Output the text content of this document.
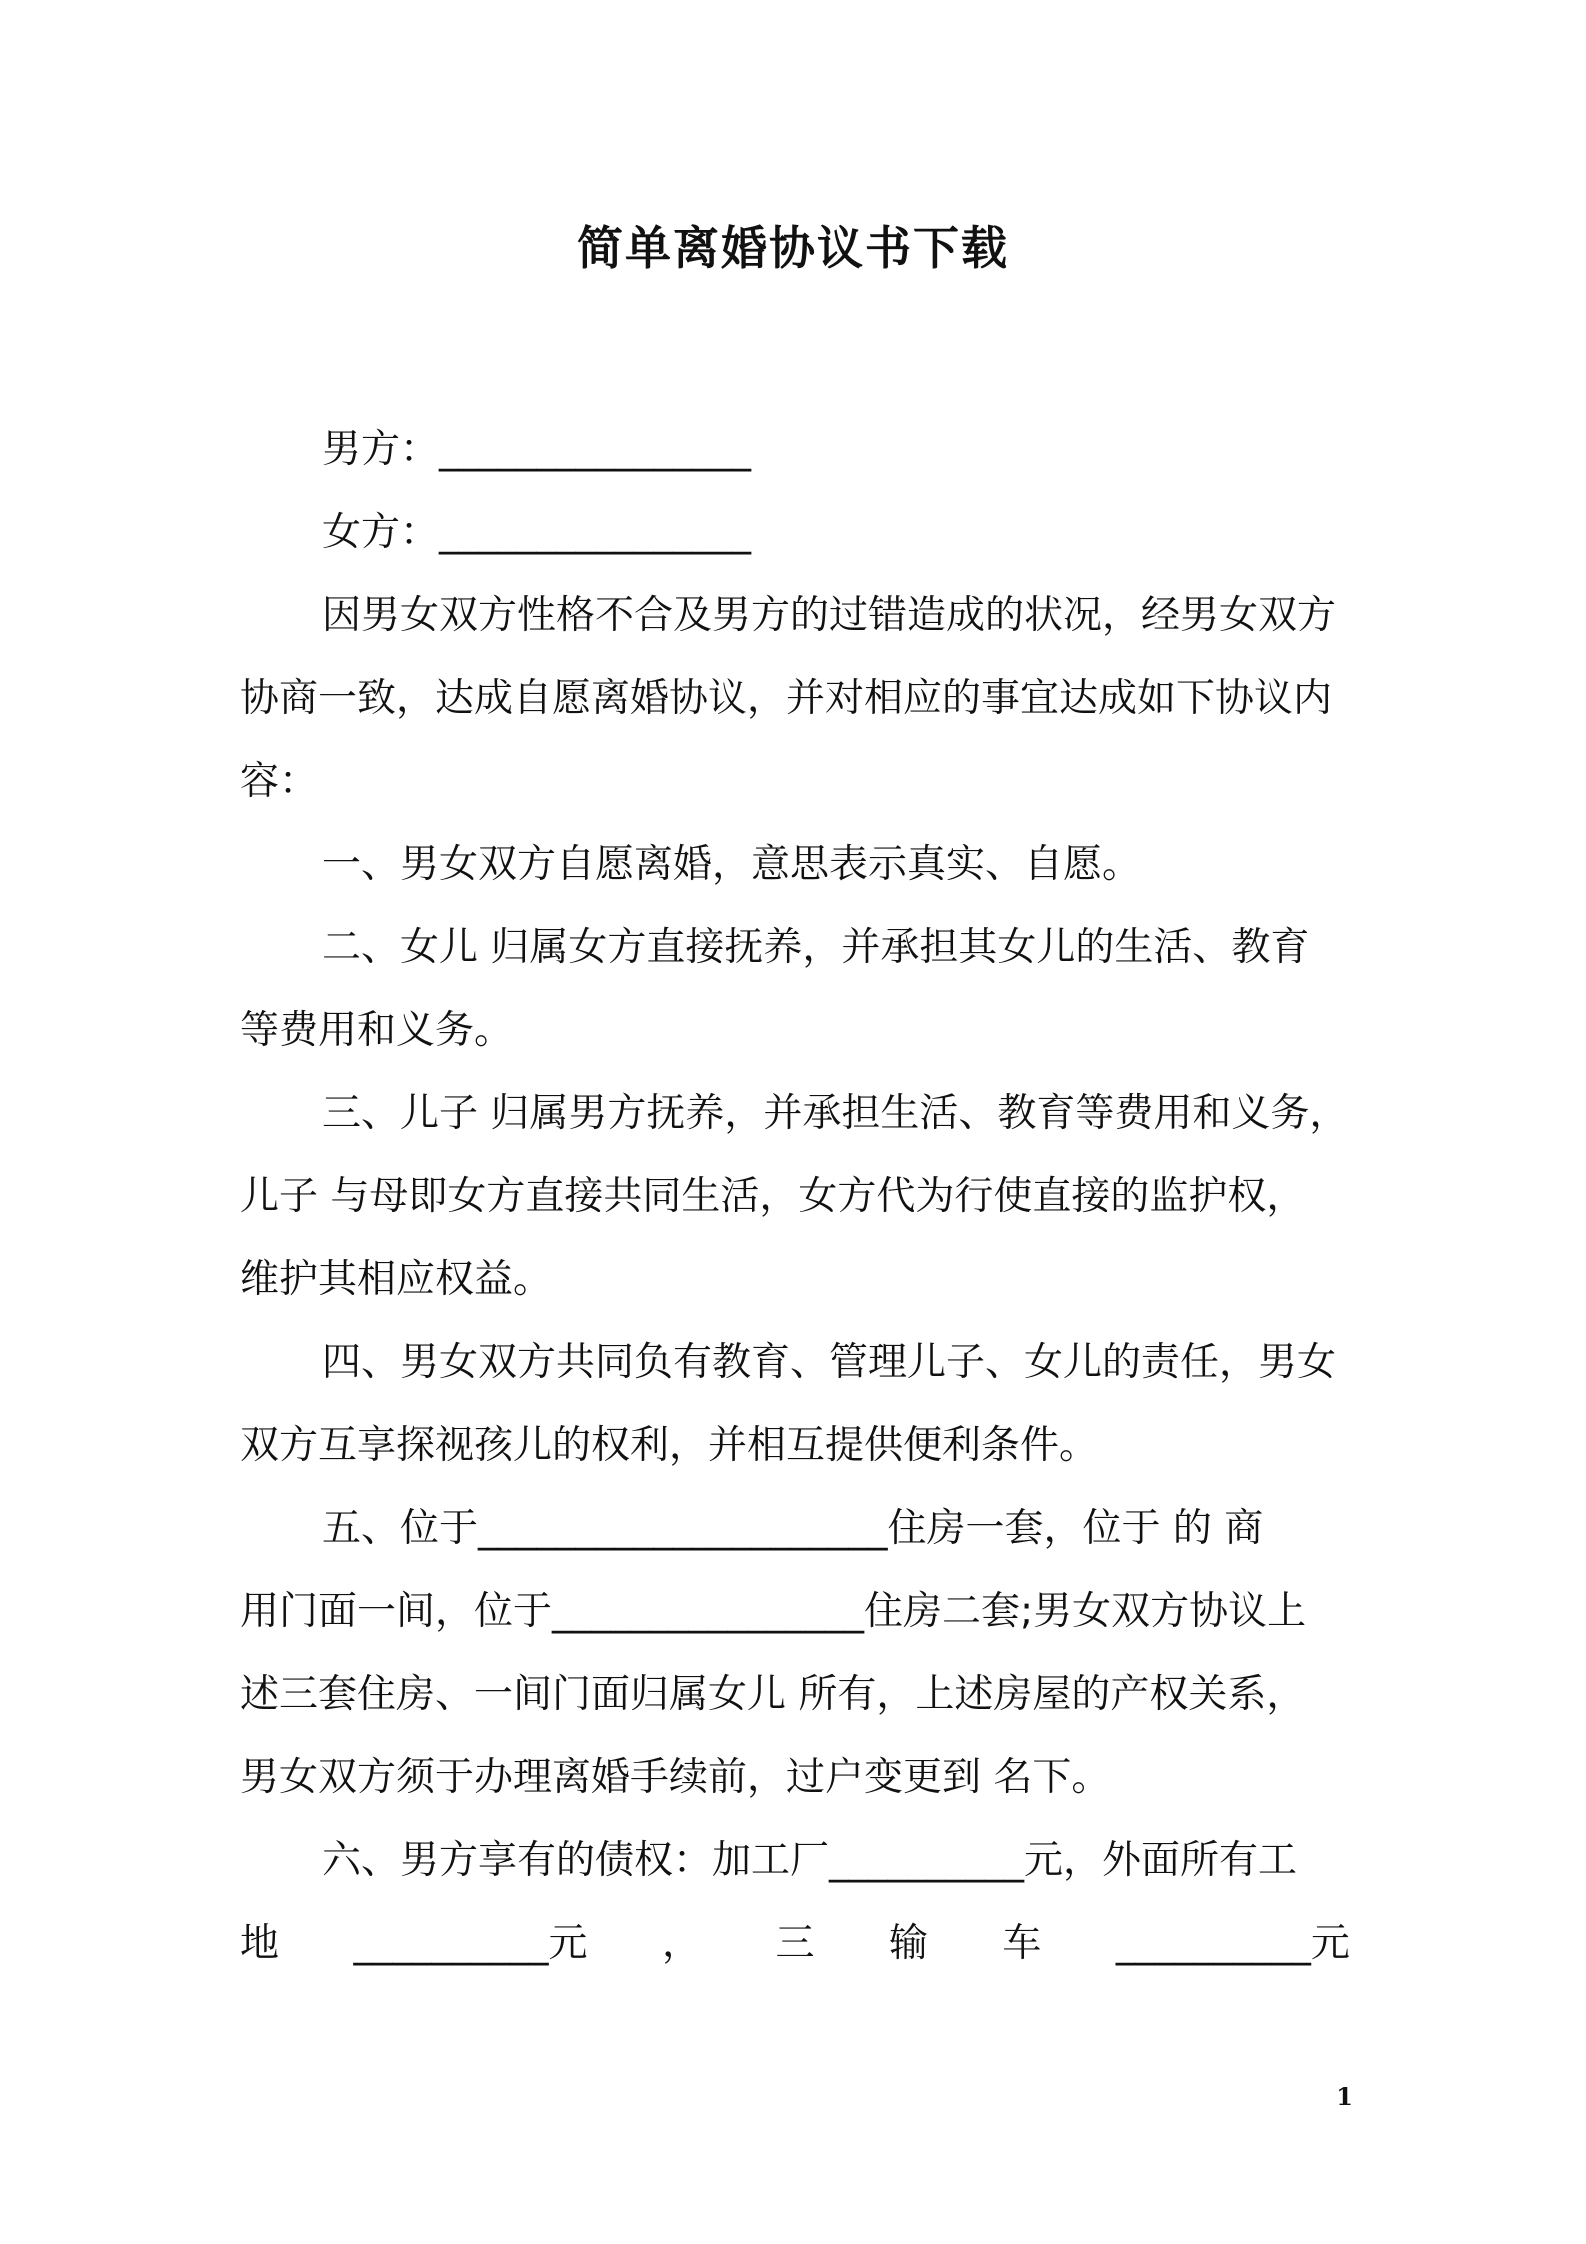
简单离婚协议书下载
男方：________________
女方：________________
因男女双方性格不合及男方的过错造成的状况，经男女双方
协商一致，达成自愿离婚协议，并对相应的事宜达成如下协议内
容：
一、男女双方自愿离婚，意思表示真实、自愿。
二、女儿 归属女方直接抚养，并承担其女儿的生活、教育
等费用和义务。
三、儿子 归属男方抚养，并承担生活、教育等费用和义务，
儿子 与母即女方直接共同生活，女方代为行使直接的监护权，
维护其相应权益。
四、男女双方共同负有教育、管理儿子、女儿的责任，男女
双方互享探视孩儿的权利，并相互提供便利条件。
五、位于_____________________住房一套，位于 的 商
用门面一间，位于________________住房二套;男女双方协议上
述三套住房、一间门面归属女儿 所有，上述房屋的产权关系，
男女双方须于办理离婚手续前，过户变更到 名下。
六、男方享有的债权：加工厂__________元，外面所有工
地 __________元 ， 三 输 车 __________元
1
